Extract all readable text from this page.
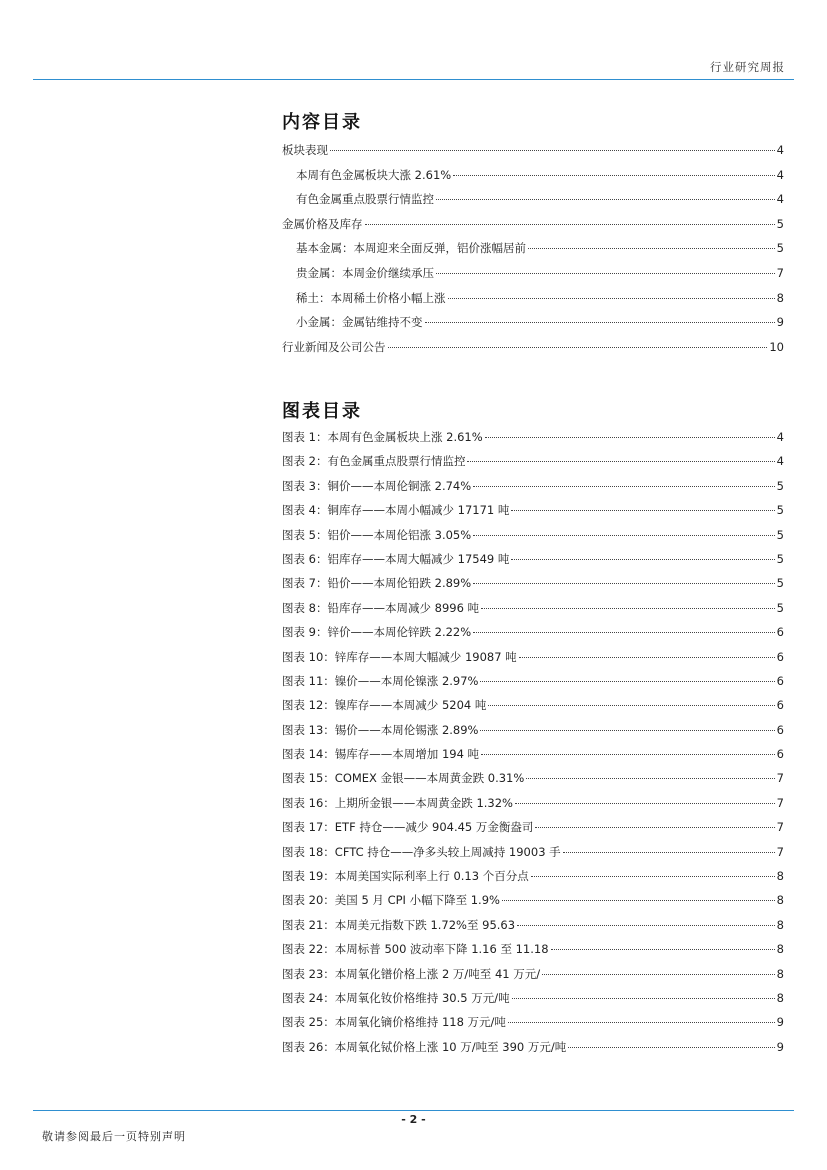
行业研究周报
内容目录
板块表现	4
本周有色金属板块大涨 2.61%	4
有色金属重点股票行情监控	4
金属价格及库存	5
基本金属：本周迎来全面反弹，铝价涨幅居前	5
贵金属：本周金价继续承压	7
稀土：本周稀土价格小幅上涨	8
小金属：金属钴维持不变	9
行业新闻及公司公告	10
图表目录
图表 1：本周有色金属板块上涨 2.61%	4
图表 2：有色金属重点股票行情监控	4
图表 3：铜价——本周伦铜涨 2.74%	5
图表 4：铜库存——本周小幅减少 17171 吨	5
图表 5：铝价——本周伦铝涨 3.05%	5
图表 6：铝库存——本周大幅减少 17549 吨	5
图表 7：铅价——本周伦铅跌 2.89%	5
图表 8：铅库存——本周减少 8996 吨	5
图表 9：锌价——本周伦锌跌 2.22%	6
图表 10：锌库存——本周大幅减少 19087 吨	6
图表 11：镍价——本周伦镍涨 2.97%	6
图表 12：镍库存——本周减少 5204 吨	6
图表 13：锡价——本周伦锡涨 2.89%	6
图表 14：锡库存——本周增加 194 吨	6
图表 15：COMEX 金银——本周黄金跌 0.31%	7
图表 16：上期所金银——本周黄金跌 1.32%	7
图表 17：ETF 持仓——减少 904.45 万金衡盎司	7
图表 18：CFTC 持仓——净多头较上周减持 19003 手	7
图表 19：本周美国实际利率上行 0.13 个百分点	8
图表 20：美国 5 月 CPI 小幅下降至 1.9%	8
图表 21：本周美元指数下跌 1.72%至 95.63	8
图表 22：本周标普 500 波动率下降 1.16 至 11.18	8
图表 23：本周氧化镨价格上涨 2 万/吨至 41 万元/	8
图表 24：本周氧化钕价格维持 30.5 万元/吨	8
图表 25：本周氧化镝价格维持 118 万元/吨	9
图表 26：本周氧化铽价格上涨 10 万/吨至 390 万元/吨	9
- 2 -
敬请参阅最后一页特别声明
